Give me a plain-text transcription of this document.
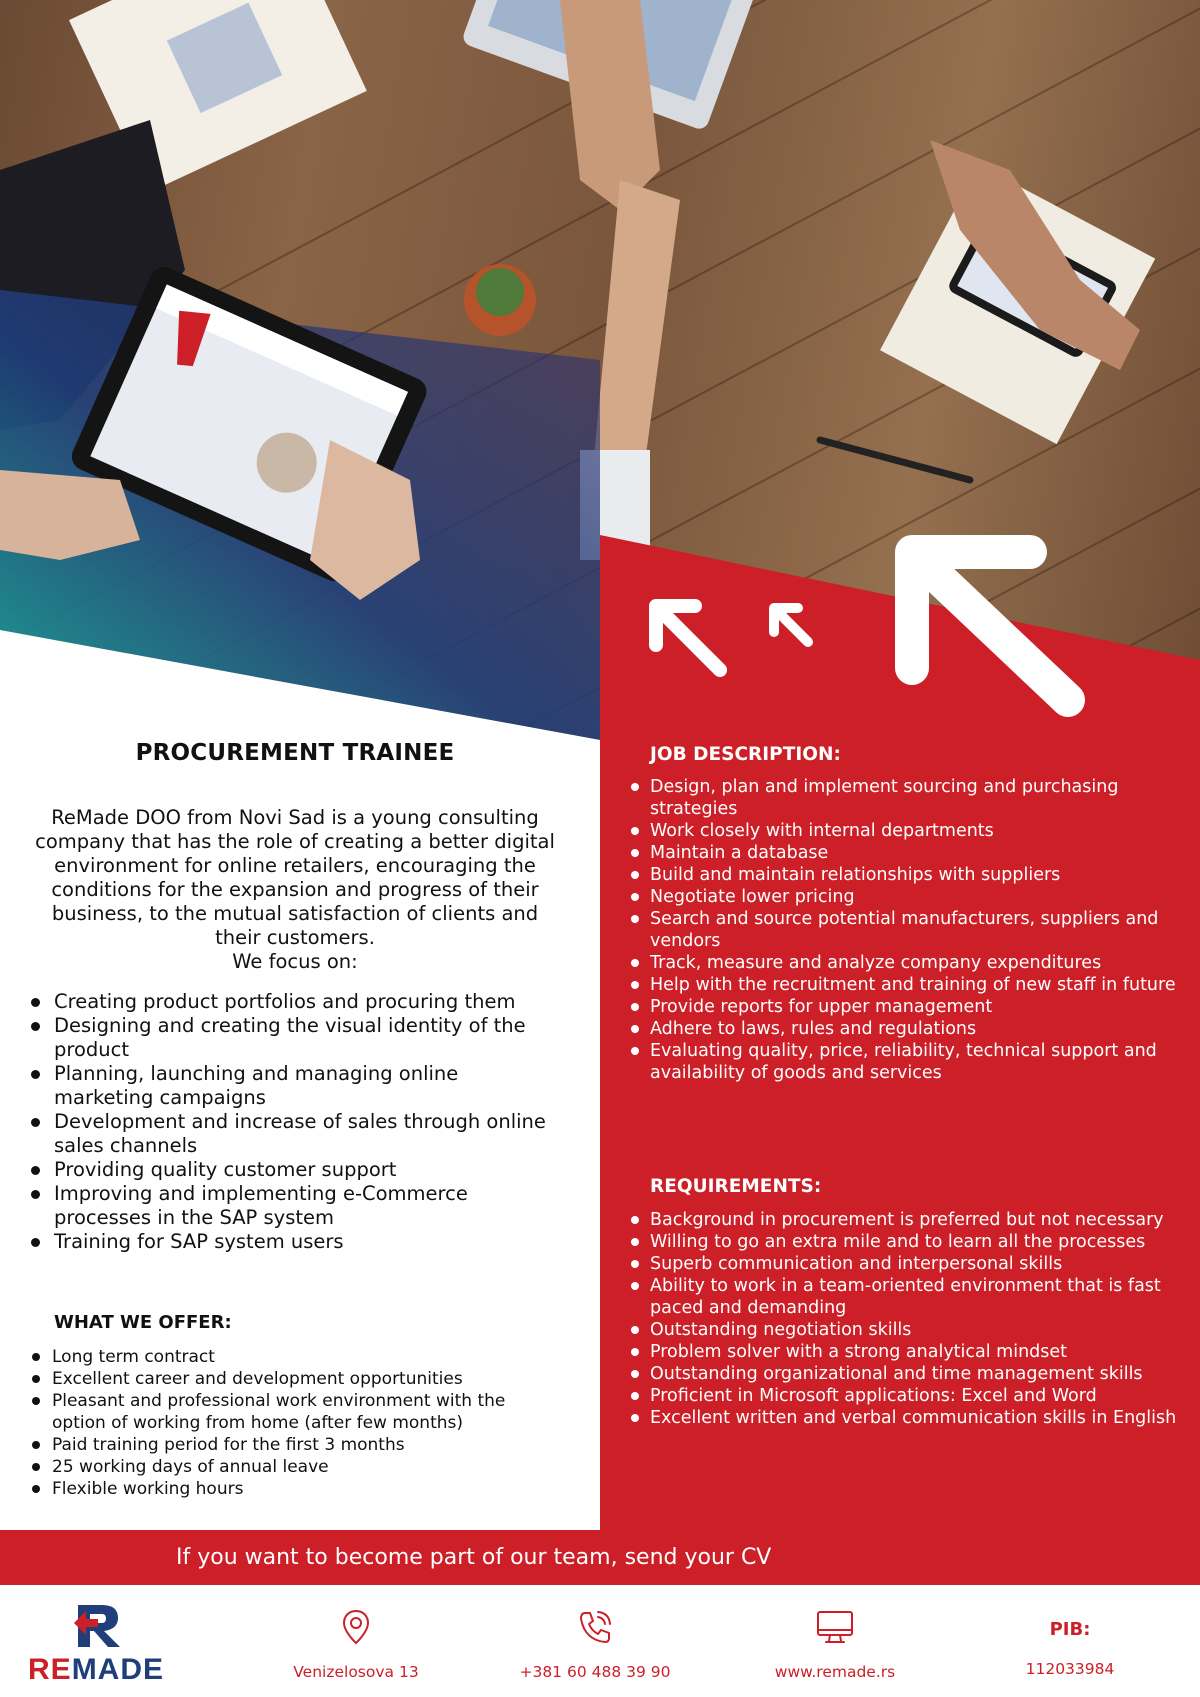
PROCUREMENT TRAINEE
ReMade DOO from Novi Sad is a young consulting company that has the role of creating a better digital environment for online retailers, encouraging the conditions for the expansion and progress of their business, to the mutual satisfaction of clients and their customers.
We focus on:
Creating product portfolios and procuring them
Designing and creating the visual identity of the product
Planning, launching and managing online marketing campaigns
Development and increase of sales through online sales channels
Providing quality customer support
Improving and implementing e-Commerce processes in the SAP system
Training for SAP system users
WHAT WE OFFER:
Long term contract
Excellent career and development opportunities
Pleasant and professional work environment with the option of working from home (after few months)
Paid training period for the first 3 months
25 working days of annual leave
Flexible working hours
JOB DESCRIPTION:
Design, plan and implement sourcing and purchasing strategies
Work closely with internal departments
Maintain a database
Build and maintain relationships with suppliers
Negotiate lower pricing
Search and source potential manufacturers, suppliers and vendors
Track, measure and analyze company expenditures
Help with the recruitment and training of new staff in future
Provide reports for upper management
Adhere to laws, rules and regulations
Evaluating quality, price, reliability, technical support and availability of goods and services
REQUIREMENTS:
Background in procurement is preferred but not necessary
Willing to go an extra mile and to learn all the processes
Superb communication and interpersonal skills
Ability to work in a team-oriented environment that is fast paced and demanding
Outstanding negotiation skills
Problem solver with a strong analytical mindset
Outstanding organizational and time management skills
Proficient in Microsoft applications: Excel and Word
Excellent written and verbal communication skills in English
If you want to become part of our team, send your CV
REMADE	Venizelosova 13	+381 60 488 39 90	www.remade.rs
PIB:
112033984
